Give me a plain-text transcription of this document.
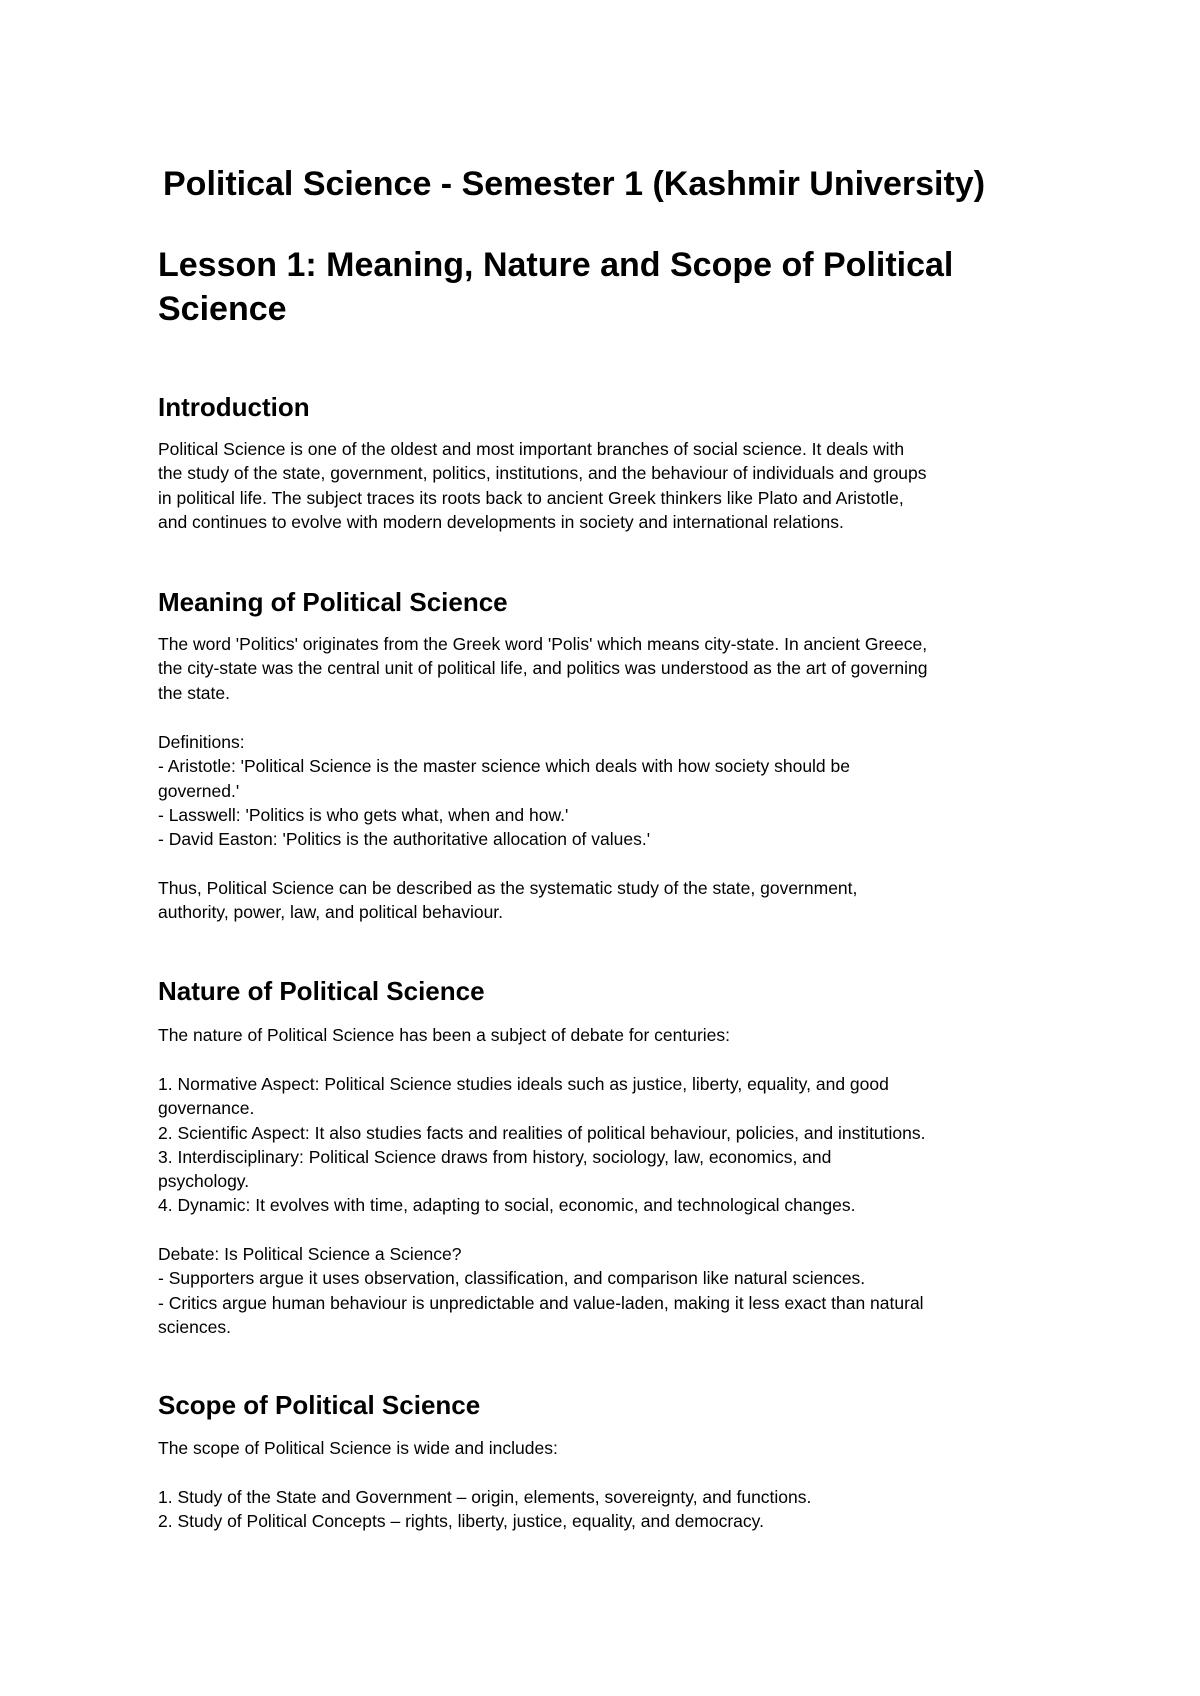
Political Science - Semester 1 (Kashmir University)
Lesson 1: Meaning, Nature and Scope of Political
Science
Introduction

Political Science is one of the oldest and most important branches of social science. It deals with
the study of the state, government, politics, institutions, and the behaviour of individuals and groups
in political life. The subject traces its roots back to ancient Greek thinkers like Plato and Aristotle,
and continues to evolve with modern developments in society and international relations.

Meaning of Political Science

The word 'Politics' originates from the Greek word 'Polis' which means city-state. In ancient Greece,
the city-state was the central unit of political life, and politics was understood as the art of governing
the state.

Definitions:
- Aristotle: 'Political Science is the master science which deals with how society should be
governed.'
- Lasswell: 'Politics is who gets what, when and how.'
- David Easton: 'Politics is the authoritative allocation of values.'

Thus, Political Science can be described as the systematic study of the state, government,
authority, power, law, and political behaviour.

Nature of Political Science

The nature of Political Science has been a subject of debate for centuries:

1. Normative Aspect: Political Science studies ideals such as justice, liberty, equality, and good
governance.
2. Scientific Aspect: It also studies facts and realities of political behaviour, policies, and institutions.
3. Interdisciplinary: Political Science draws from history, sociology, law, economics, and
psychology.
4. Dynamic: It evolves with time, adapting to social, economic, and technological changes.

Debate: Is Political Science a Science?
- Supporters argue it uses observation, classification, and comparison like natural sciences.
- Critics argue human behaviour is unpredictable and value-laden, making it less exact than natural
sciences.

Scope of Political Science

The scope of Political Science is wide and includes:

1. Study of the State and Government – origin, elements, sovereignty, and functions.
2. Study of Political Concepts – rights, liberty, justice, equality, and democracy.
